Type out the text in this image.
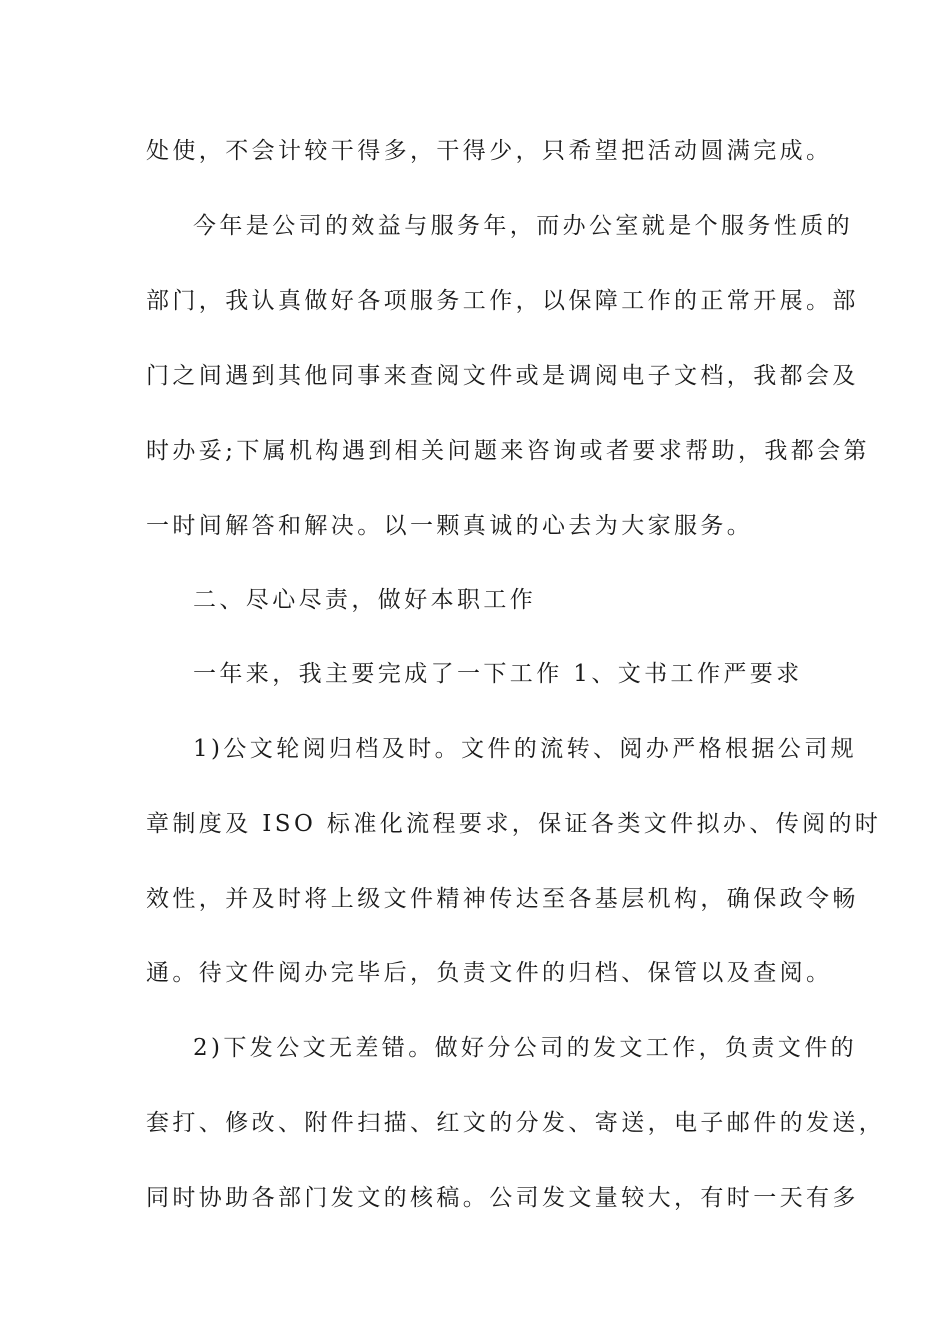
处使，不会计较干得多，干得少，只希望把活动圆满完成。
今年是公司的效益与服务年，而办公室就是个服务性质的
部门，我认真做好各项服务工作，以保障工作的正常开展。部
门之间遇到其他同事来查阅文件或是调阅电子文档，我都会及
时办妥;下属机构遇到相关问题来咨询或者要求帮助，我都会第
一时间解答和解决。以一颗真诚的心去为大家服务。
二、尽心尽责，做好本职工作
一年来，我主要完成了一下工作 1、文书工作严要求
1)公文轮阅归档及时。文件的流转、阅办严格根据公司规
章制度及 ISO 标准化流程要求，保证各类文件拟办、传阅的时
效性，并及时将上级文件精神传达至各基层机构，确保政令畅
通。待文件阅办完毕后，负责文件的归档、保管以及查阅。
2)下发公文无差错。做好分公司的发文工作，负责文件的
套打、修改、附件扫描、红文的分发、寄送，电子邮件的发送，
同时协助各部门发文的核稿。公司发文量较大，有时一天有多
